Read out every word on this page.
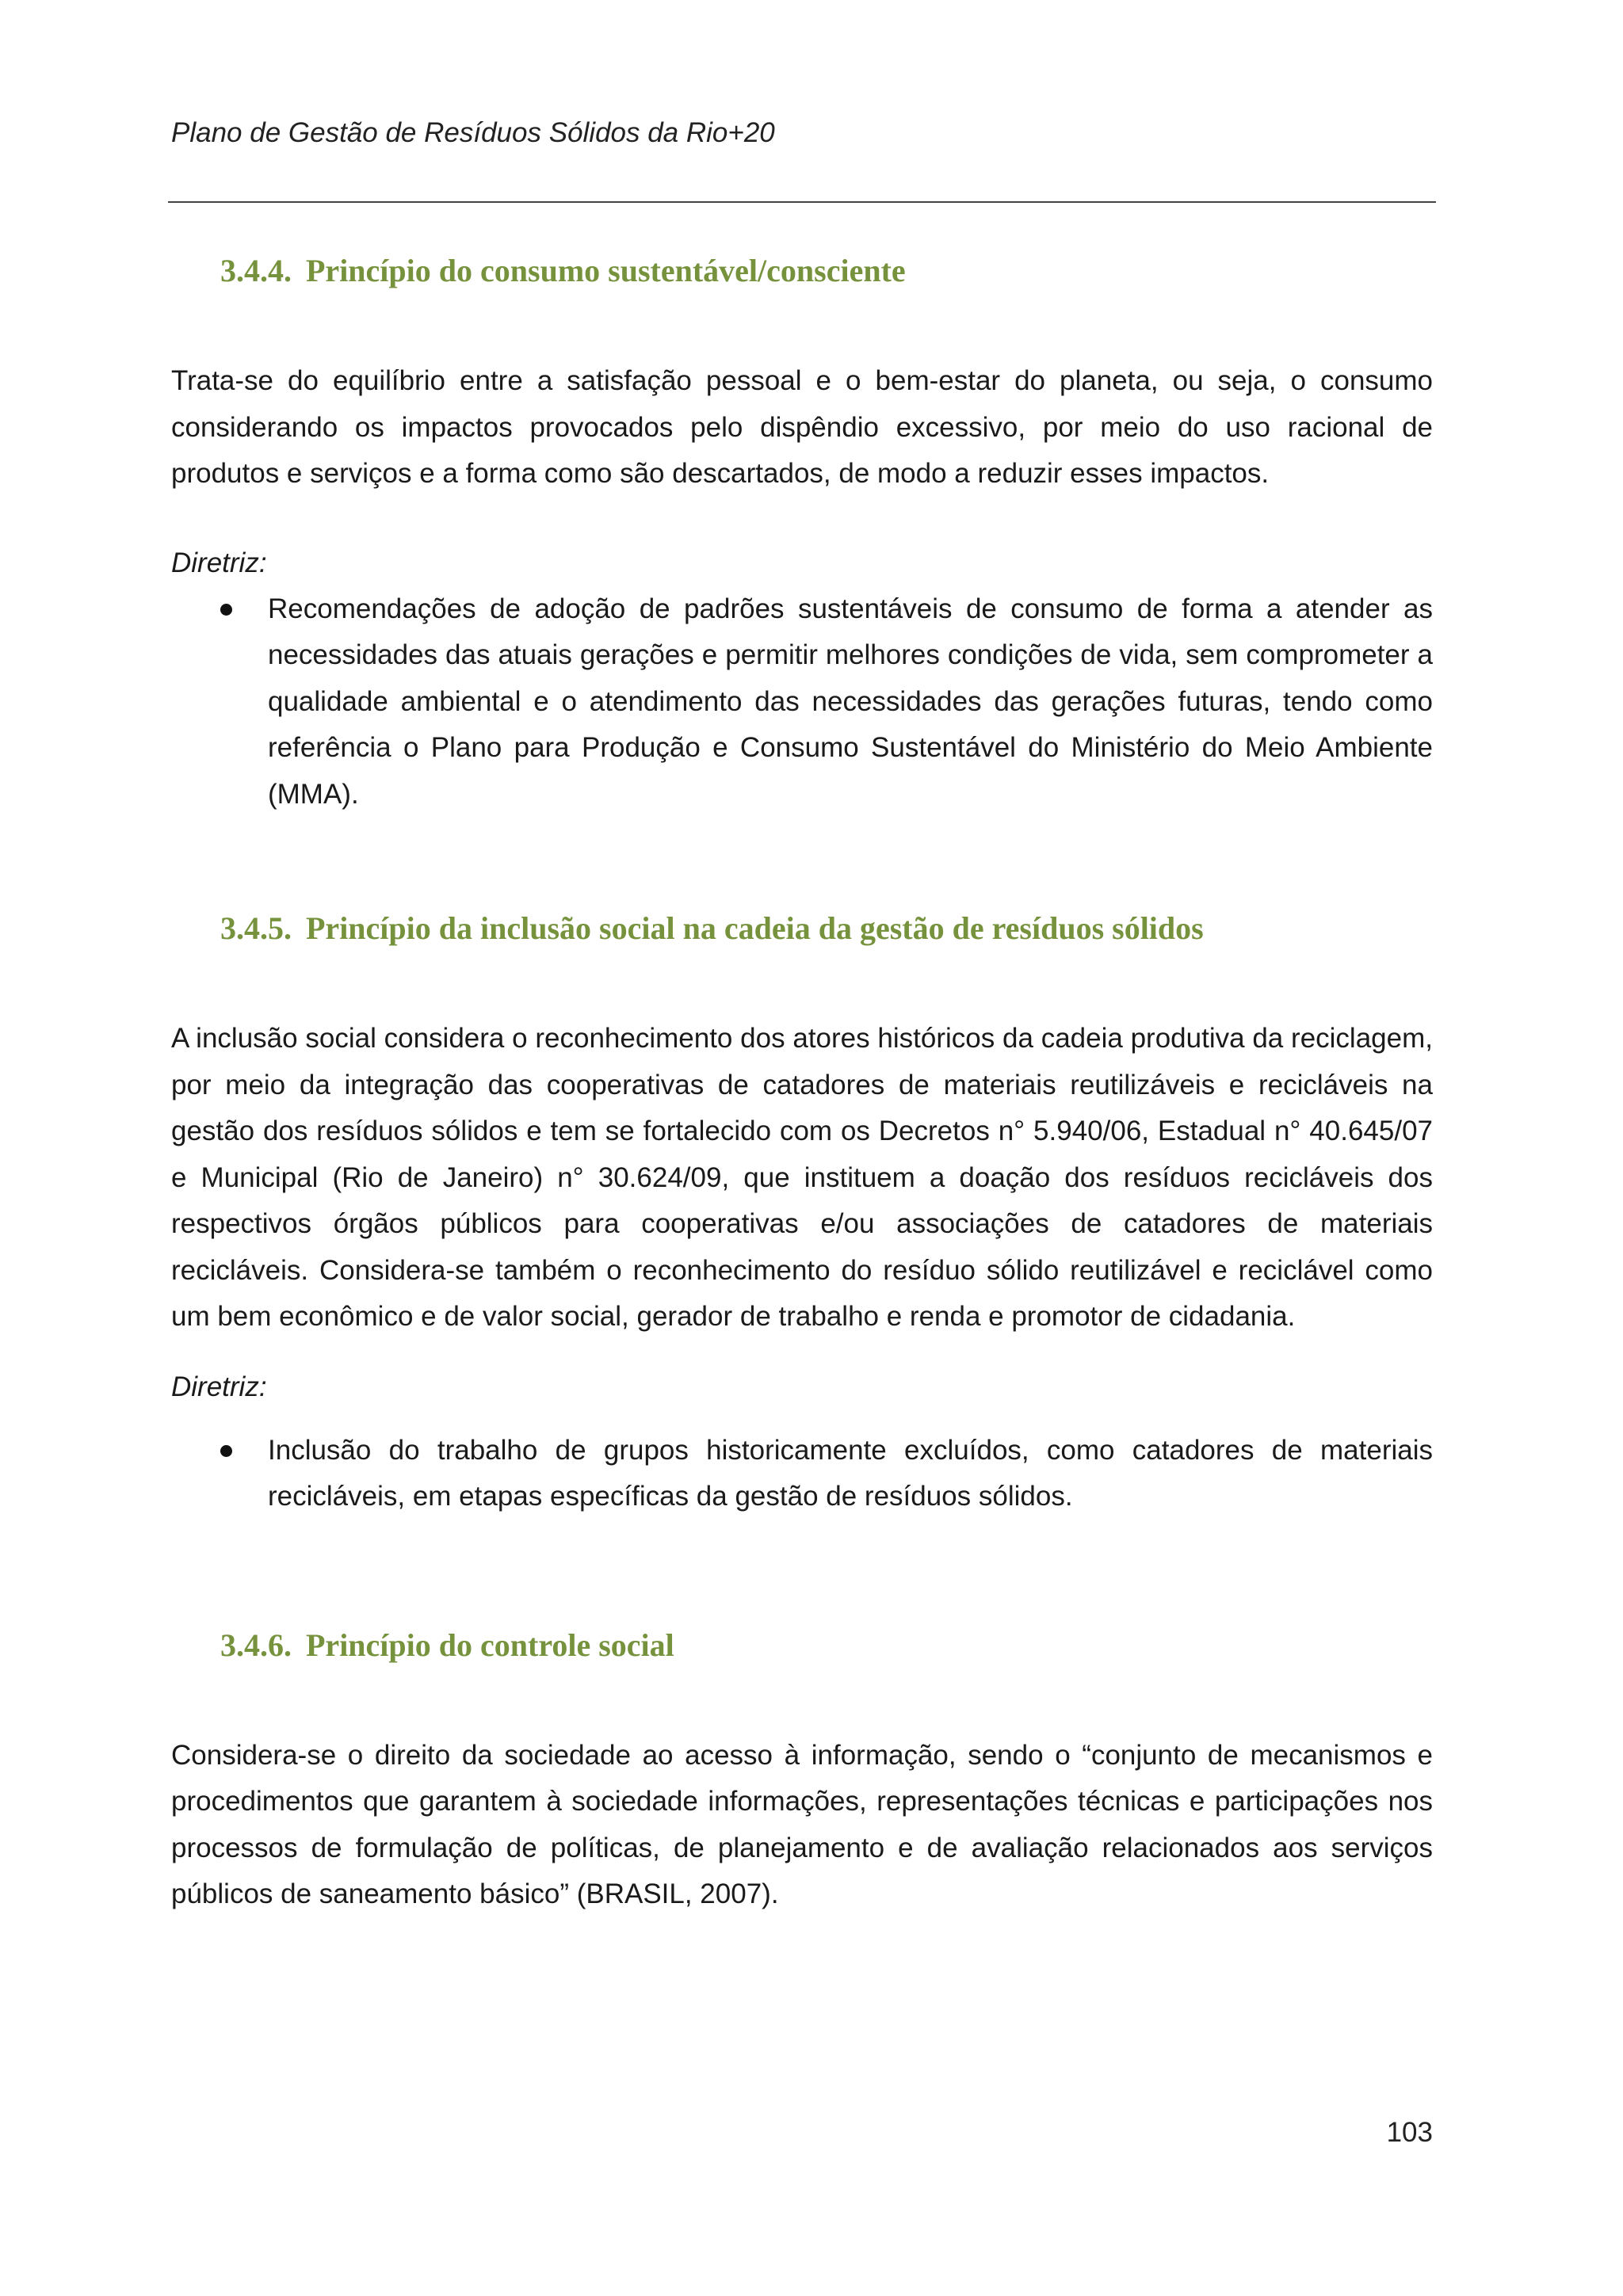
Plano de Gestão de Resíduos Sólidos da Rio+20
3.4.4. Princípio do consumo sustentável/consciente

Trata-se do equilíbrio entre a satisfação pessoal e o bem-estar do planeta, ou seja, o consumo considerando os impactos provocados pelo dispêndio excessivo, por meio do uso racional de produtos e serviços e a forma como são descartados, de modo a reduzir esses impactos.

Diretriz:

Recomendações de adoção de padrões sustentáveis de consumo de forma a atender as necessidades das atuais gerações e permitir melhores condições de vida, sem comprometer a qualidade ambiental e o atendimento das necessidades das gerações futuras, tendo como referência o Plano para Produção e Consumo Sustentável do Ministério do Meio Ambiente (MMA).
3.4.5. Princípio da inclusão social na cadeia da gestão de resíduos sólidos

A inclusão social considera o reconhecimento dos atores históricos da cadeia produtiva da reciclagem, por meio da integração das cooperativas de catadores de materiais reutilizáveis e recicláveis na gestão dos resíduos sólidos e tem se fortalecido com os Decretos n° 5.940/06, Estadual n° 40.645/07 e Municipal (Rio de Janeiro) n° 30.624/09, que instituem a doação dos resíduos recicláveis dos respectivos órgãos públicos para cooperativas e/ou associações de catadores de materiais recicláveis. Considera-se também o reconhecimento do resíduo sólido reutilizável e reciclável como um bem econômico e de valor social, gerador de trabalho e renda e promotor de cidadania.

Diretriz:

Inclusão do trabalho de grupos historicamente excluídos, como catadores de materiais recicláveis, em etapas específicas da gestão de resíduos sólidos.
3.4.6. Princípio do controle social

Considera-se o direito da sociedade ao acesso à informação, sendo o “conjunto de mecanismos e procedimentos que garantem à sociedade informações, representações técnicas e participações nos processos de formulação de políticas, de planejamento e de avaliação relacionados aos serviços públicos de saneamento básico” (BRASIL, 2007).

103
